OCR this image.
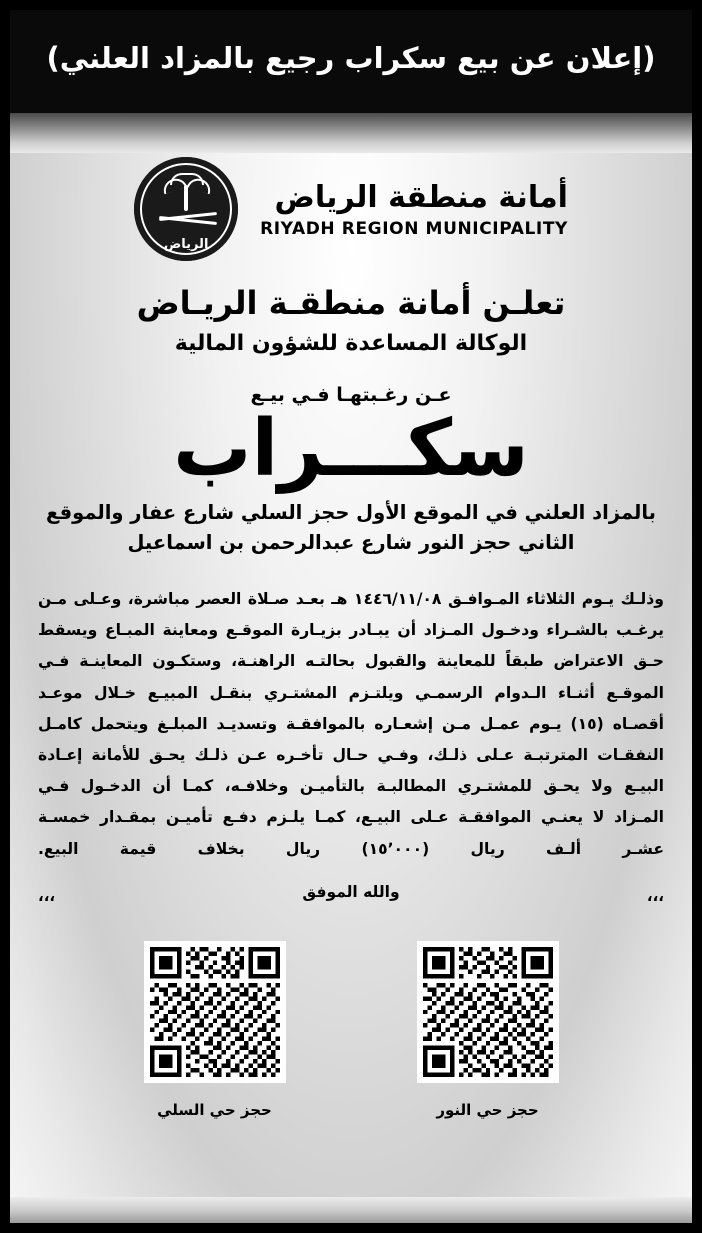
(إعلان عن بيع سكراب رجيع بالمزاد العلني)
أمانة منطقة الرياض
RIYADH REGION MUNICIPALITY
الرياض
تعلـن أمانة منطقـة الريـاض
الوكالة المساعدة للشؤون المالية
عـن رغـبتهـا فـي بيـع
سكـــراب
بالمزاد العلني في الموقع الأول حجز السلي شارع عفار والموقع الثاني حجز النور شارع عبدالرحمن بن اسماعيل

وذلـك يـوم الثلاثاء المـوافـق ١٤٤٦/١١/٠٨ هـ بعـد صـلاة العصر مباشرة، وعـلى مـن يرغـب بالشـراء ودخـول المـزاد أن يبـادر بزيـارة الموقـع ومعاينة المبـاع ويسقط حـق الاعتراض طبقاً للمعاينة والقبول بحالتـه الراهنـة، وستكـون المعاينـة فـي الموقـع أثنـاء الـدوام الرسمـي ويلتـزم المشتـري بنقـل المبيـع خـلال موعـد أقصـاه (١٥) يـوم عمـل مـن إشعـاره بالموافقـة وتسديـد المبلـغ ويتحمل كامـل النفقـات المترتبـة عـلى ذلـك، وفـي حـال تأخـره عـن ذلـك يحـق للأمانة إعـادة البيـع ولا يحـق للمشتـري المطالبـة بالتأميـن وخلافـه، كمـا أن الدخـول فـي المـزاد لا يعنـي الموافقـة عـلى البيـع، كمـا يلـزم دفـع تأميـن بمقـدار خمسـة عشـر ألـف ريال (١٥٬٠٠٠) ريال بخلاف قيمة البيع.

،،،
والله الموفق
،،،
حجز حي النور
حجز حي السلي
